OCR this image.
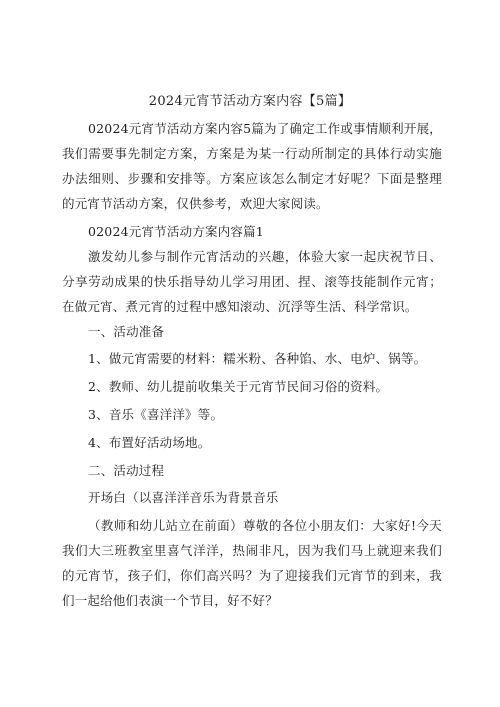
2024元宵节活动方案内容【5篇】

02024元宵节活动方案内容5篇为了确定工作或事情顺利开展，我们需要事先制定方案，方案是为某一行动所制定的具体行动实施办法细则、步骤和安排等。方案应该怎么制定才好呢？下面是整理的元宵节活动方案，仅供参考，欢迎大家阅读。

02024元宵节活动方案内容篇1

激发幼儿参与制作元宵活动的兴趣，体验大家一起庆祝节日、分享劳动成果的快乐指导幼儿学习用团、捏、滚等技能制作元宵；在做元宵、煮元宵的过程中感知滚动、沉浮等生活、科学常识。

一、活动准备
1、做元宵需要的材料：糯米粉、各种馅、水、电炉、锅等。
2、教师、幼儿提前收集关于元宵节民间习俗的资料。
3、音乐《喜洋洋》等。
4、布置好活动场地。
二、活动过程
开场白（以喜洋洋音乐为背景音乐

（教师和幼儿站立在前面）尊敬的各位小朋友们：大家好!今天我们大三班教室里喜气洋洋，热闹非凡，因为我们马上就迎来我们的元宵节，孩子们，你们高兴吗？为了迎接我们元宵节的到来，我们一起给他们表演一个节目，好不好？
